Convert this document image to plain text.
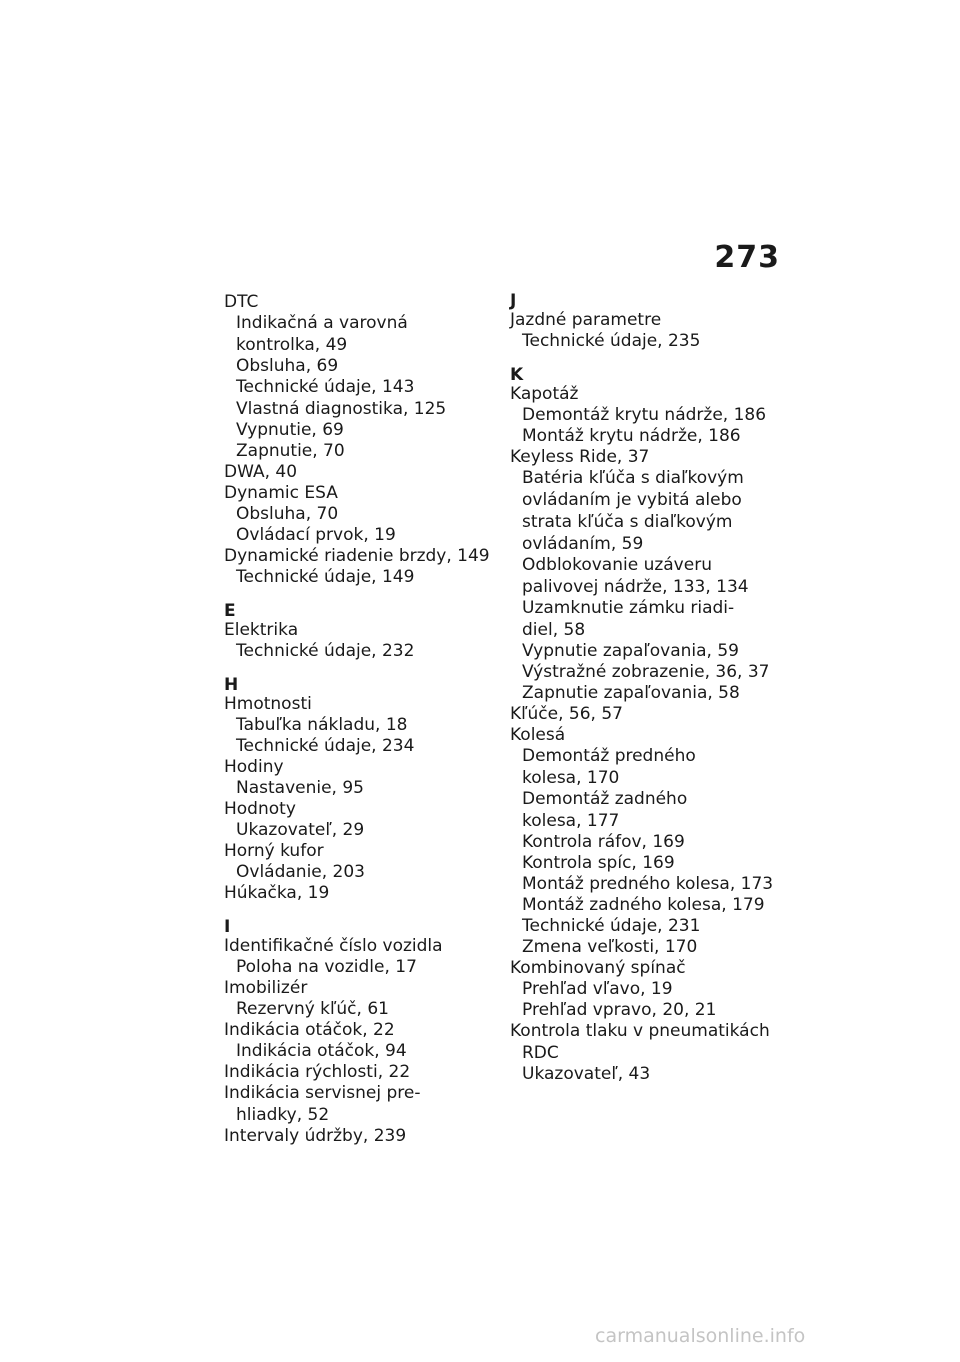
273
DTC
Indikačná a varovná
kontrolka, 49
Obsluha, 69
Technické údaje, 143
Vlastná diagnostika, 125
Vypnutie, 69
Zapnutie, 70
DWA, 40
Dynamic ESA
Obsluha, 70
Ovládací prvok, 19
Dynamické riadenie brzdy, 149
Technické údaje, 149
E
Elektrika
Technické údaje, 232
H
Hmotnosti
Tabuľka nákladu, 18
Technické údaje, 234
Hodiny
Nastavenie, 95
Hodnoty
Ukazovateľ, 29
Horný kufor
Ovládanie, 203
Húkačka, 19
I
Identifikačné číslo vozidla
Poloha na vozidle, 17
Imobilizér
Rezervný kľúč, 61
Indikácia otáčok, 22
Indikácia otáčok, 94
Indikácia rýchlosti, 22
Indikácia servisnej pre-
hliadky, 52
Intervaly údržby, 239
J
Jazdné parametre
Technické údaje, 235
K
Kapotáž
Demontáž krytu nádrže, 186
Montáž krytu nádrže, 186
Keyless Ride, 37
Batéria kľúča s diaľkovým
ovládaním je vybitá alebo
strata kľúča s diaľkovým
ovládaním, 59
Odblokovanie uzáveru
palivovej nádrže, 133, 134
Uzamknutie zámku riadi-
diel, 58
Vypnutie zapaľovania, 59
Výstražné zobrazenie, 36, 37
Zapnutie zapaľovania, 58
Kľúče, 56, 57
Kolesá
Demontáž predného
kolesa, 170
Demontáž zadného
kolesa, 177
Kontrola ráfov, 169
Kontrola spíc, 169
Montáž predného kolesa, 173
Montáž zadného kolesa, 179
Technické údaje, 231
Zmena veľkosti, 170
Kombinovaný spínač
Prehľad vľavo, 19
Prehľad vpravo, 20, 21
Kontrola tlaku v pneumatikách
RDC
Ukazovateľ, 43
carmanualsonline.info
